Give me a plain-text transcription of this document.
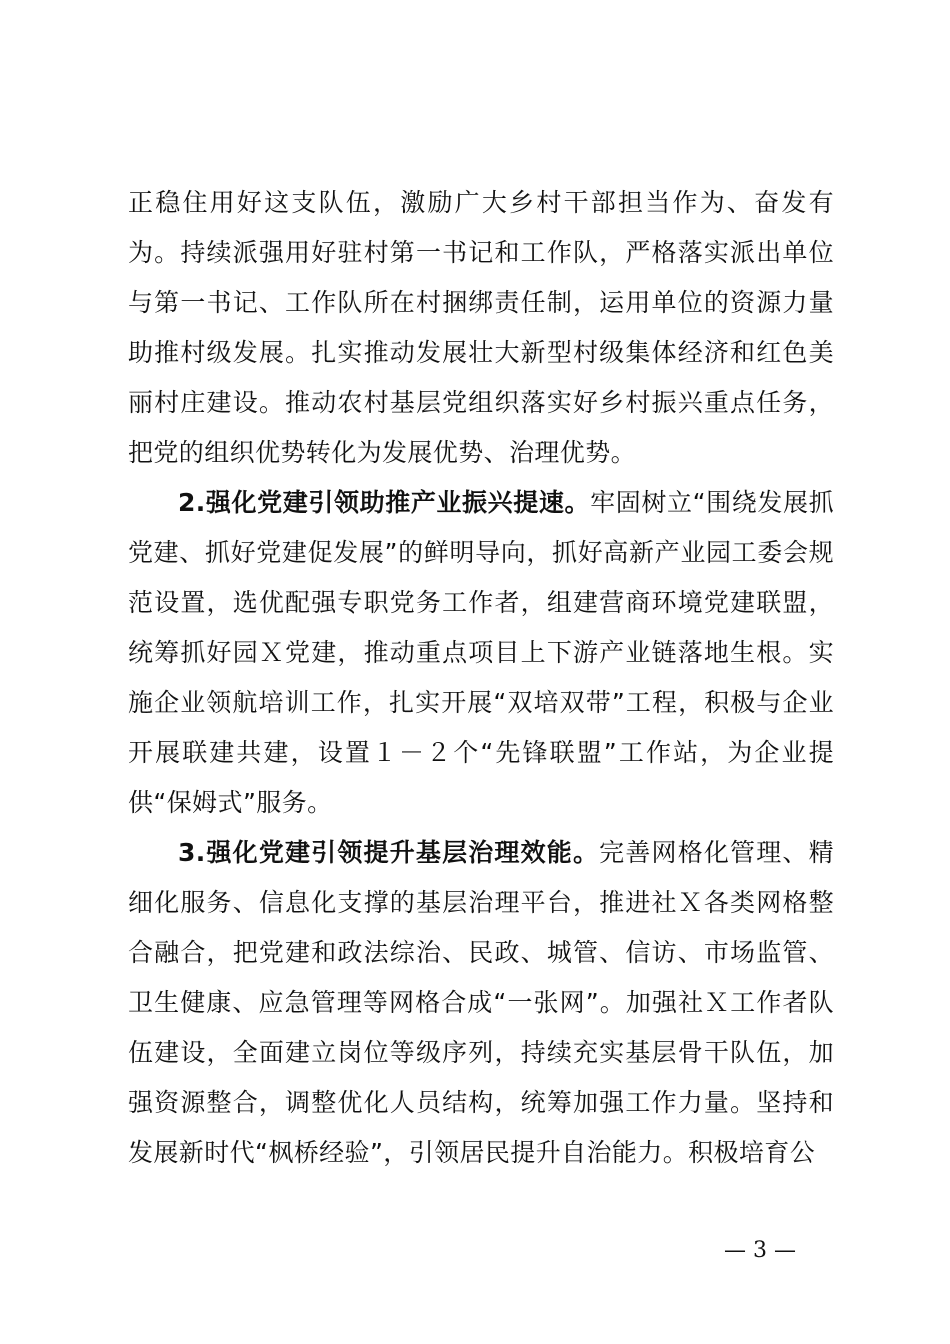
正稳住用好这支队伍，激励广大乡村干部担当作为、奋发有为。持续派强用好驻村第一书记和工作队，严格落实派出单位与第一书记、工作队所在村捆绑责任制，运用单位的资源力量助推村级发展。扎实推动发展壮大新型村级集体经济和红色美丽村庄建设。推动农村基层党组织落实好乡村振兴重点任务，把党的组织优势转化为发展优势、治理优势。

2.强化党建引领助推产业振兴提速。牢固树立“围绕发展抓党建、抓好党建促发展”的鲜明导向，抓好高新产业园工委会规范设置，选优配强专职党务工作者，组建营商环境党建联盟，统筹抓好园Ｘ党建，推动重点项目上下游产业链落地生根。实施企业领航培训工作，扎实开展“双培双带”工程，积极与企业开展联建共建，设置１－２个“先锋联盟”工作站，为企业提供“保姆式”服务。

3.强化党建引领提升基层治理效能。完善网格化管理、精细化服务、信息化支撑的基层治理平台，推进社Ｘ各类网格整合融合，把党建和政法综治、民政、城管、信访、市场监管、卫生健康、应急管理等网格合成“一张网”。加强社Ｘ工作者队伍建设，全面建立岗位等级序列，持续充实基层骨干队伍，加强资源整合，调整优化人员结构，统筹加强工作力量。坚持和发展新时代“枫桥经验”，引领居民提升自治能力。积极培育公

— 3 —
